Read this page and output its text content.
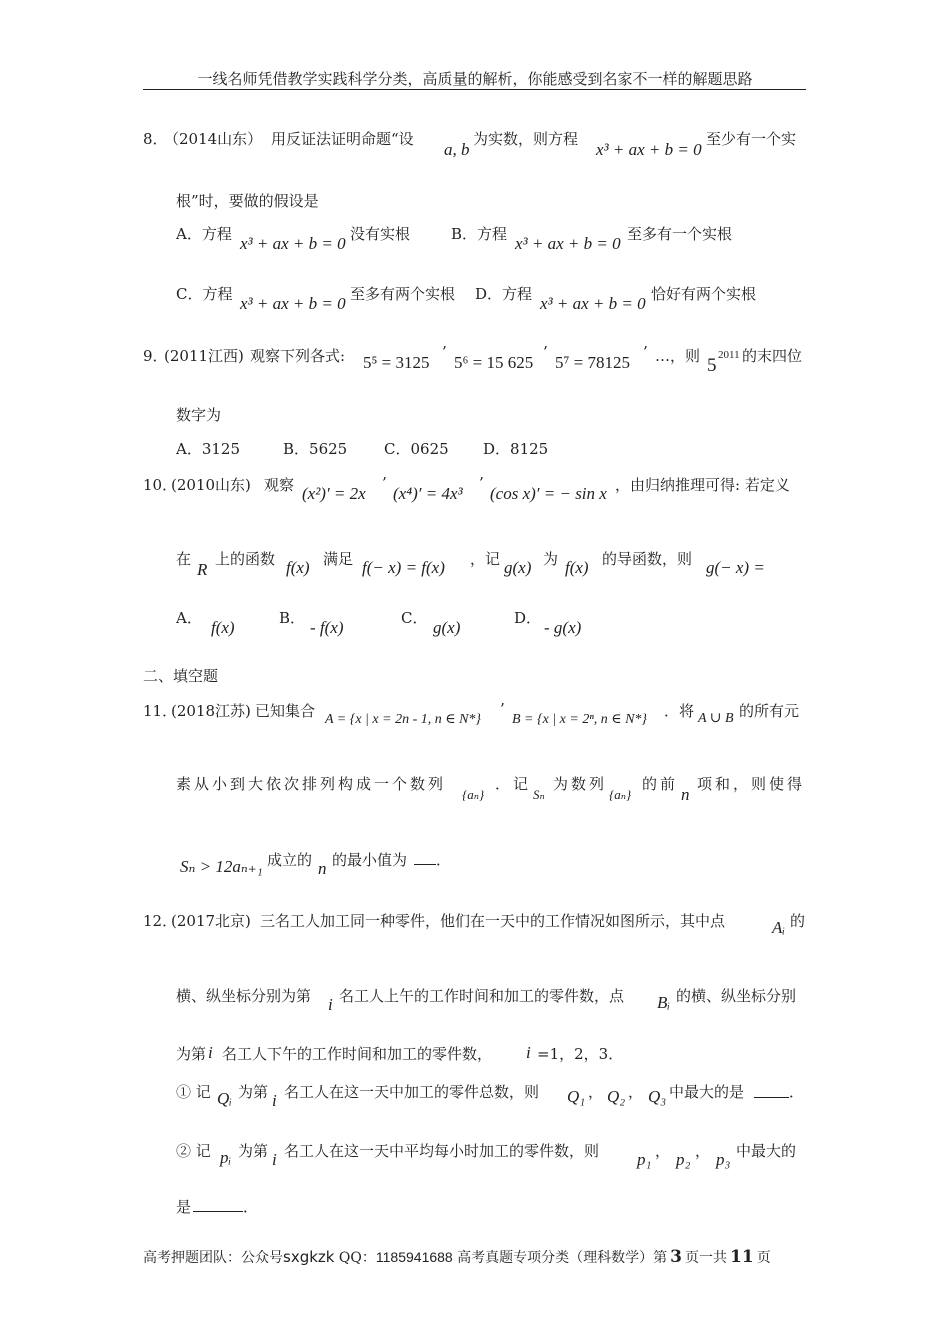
一线名师凭借教学实践科学分类，高质量的解析，你能感受到名家不一样的解题思路
8．
（2014山东） 用反证法证明命题“设
a, b
为实数，则方程
x³ + ax + b = 0
至少有一个实
根”时，要做的假设是
A．方程 x³ + ax + b = 0 没有实根	B．方程 x³ + ax + b = 0 至多有一个实根
C．方程 x³ + ax + b = 0 至多有两个实根 D．方程 x³ + ax + b = 0 恰好有两个实根
9．
(2011江西) 观察下列各式: 5⁵ = 3125
’
5⁶ = 15 625
’
5⁷ = 78125
’ …，则 5 2011 的末四位
数字为
A．3125	B．5625 C．0625 D．8125
10．
(2010山东) 观察 (x²)′ = 2x
’
(x⁴)′ = 4x³
’
(cos x)′ = − sin x ，由归纳推理可得: 若定义
在
R
上的函数 f(x) 满足 f(− x) = f(x) ，记 g(x) 为 f(x) 的导函数，则 g(− x) =
A． f(x)	B． - f(x)	C． g(x)	D． - g(x)
二、填空题
11．
(2018江苏) 已知集合 A = {x | x = 2n - 1, n ∈ N*}
’
B = {x | x = 2ⁿ, n ∈ N*} ．将 A ∪ B 的所有元
素从小到大依次排列构成一个数列
{aₙ}
．记
Sₙ
为数列
{aₙ}
的前
n
项和，则使得
Sₙ > 12aₙ₊₁ 成立的 n 的最小值为 ．
12．
(2017北京) 三名工人加工同一种零件，他们在一天中的工作情况如图所示，其中点	Aᵢ 的
横、纵坐标分别为第 i 名工人上午的工作时间和加工的零件数，点 Bᵢ 的横、纵坐标分别
为第 i 名工人下午的工作时间和加工的零件数， i =1，2，3．
① 记 Qᵢ 为第 i 名工人在这一天中加工的零件总数，则 Q₁ ， Q₂ ， Q₃ 中最大的是	．
② 记 pᵢ 为第 i 名工人在这一天中平均每小时加工的零件数，则 p₁ ， p₂ ， p₃ 中最大的
是	．
高考押题团队：公众号sxgkzk QQ：1185941688 高考真题专项分类（理科数学）第 3 页一共 11 页
